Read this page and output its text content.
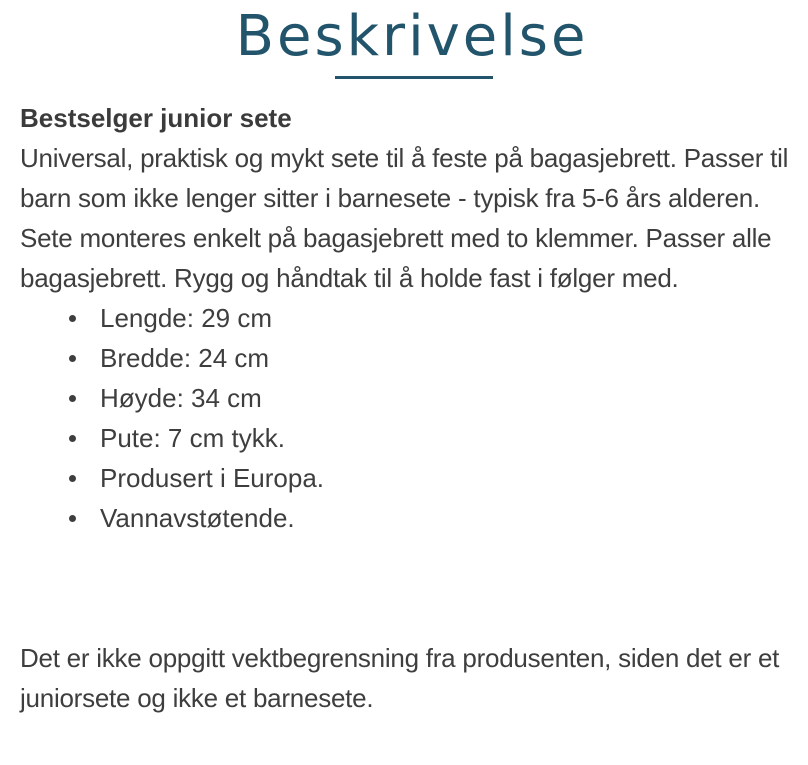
Beskrivelse
Bestselger junior sete

Universal, praktisk og mykt sete til å feste på bagasjebrett. Passer til barn som ikke lenger sitter i barnesete - typisk fra 5-6 års alderen. Sete monteres enkelt på bagasjebrett med to klemmer. Passer alle bagasjebrett. Rygg og håndtak til å holde fast i følger med.

Lengde: 29 cm
Bredde: 24 cm
Høyde: 34 cm
Pute: 7 cm tykk.
Produsert i Europa.
Vannavstøtende.

Det er ikke oppgitt vektbegrensning fra produsenten, siden det er et juniorsete og ikke et barnesete.
